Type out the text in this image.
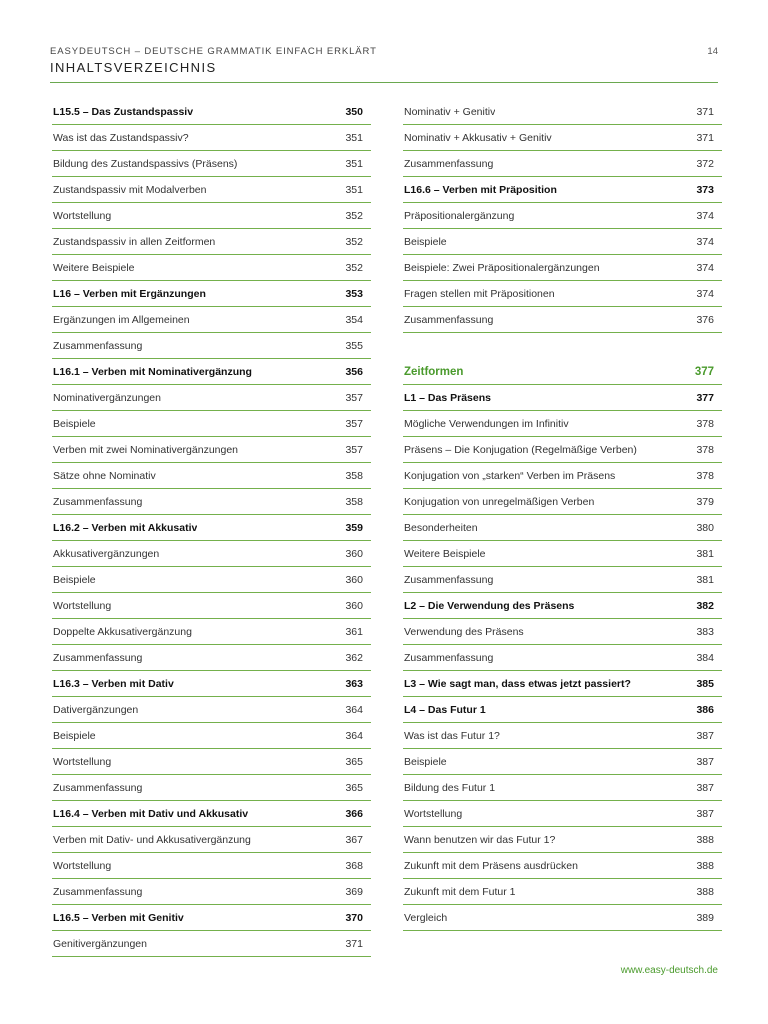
EASYDEUTSCH – DEUTSCHE GRAMMATIK EINFACH ERKLÄRT
INHALTSVERZEICHNIS
14
L15.5 – Das Zustandspassiv	350
Was ist das Zustandspassiv?	351
Bildung des Zustandspassivs (Präsens)	351
Zustandspassiv mit Modalverben	351
Wortstellung	352
Zustandspassiv in allen Zeitformen	352
Weitere Beispiele	352
L16 – Verben mit Ergänzungen	353
Ergänzungen im Allgemeinen	354
Zusammenfassung	355
L16.1 – Verben mit Nominativergänzung	356
Nominativergänzungen	357
Beispiele	357
Verben mit zwei Nominativergänzungen	357
Sätze ohne Nominativ	358
Zusammenfassung	358
L16.2 – Verben mit Akkusativ	359
Akkusativergänzungen	360
Beispiele	360
Wortstellung	360
Doppelte Akkusativergänzung	361
Zusammenfassung	362
L16.3 – Verben mit Dativ	363
Dativergänzungen	364
Beispiele	364
Wortstellung	365
Zusammenfassung	365
L16.4 – Verben mit Dativ und Akkusativ	366
Verben mit Dativ- und Akkusativergänzung	367
Wortstellung	368
Zusammenfassung	369
L16.5 – Verben mit Genitiv	370
Genitivergänzungen	371
Nominativ + Genitiv	371
Nominativ + Akkusativ + Genitiv	371
Zusammenfassung	372
L16.6 – Verben mit Präposition	373
Präpositionalergänzung	374
Beispiele	374
Beispiele: Zwei Präpositionalergänzungen	374
Fragen stellen mit Präpositionen	374
Zusammenfassung	376
Zeitformen	377
L1 – Das Präsens	377
Mögliche Verwendungen im Infinitiv	378
Präsens – Die Konjugation (Regelmäßige Verben)	378
Konjugation von „starken“ Verben im Präsens	378
Konjugation von unregelmäßigen Verben	379
Besonderheiten	380
Weitere Beispiele	381
Zusammenfassung	381
L2 – Die Verwendung des Präsens	382
Verwendung des Präsens	383
Zusammenfassung	384
L3 – Wie sagt man, dass etwas jetzt passiert?	385
L4 – Das Futur 1	386
Was ist das Futur 1?	387
Beispiele	387
Bildung des Futur 1	387
Wortstellung	387
Wann benutzen wir das Futur 1?	388
Zukunft mit dem Präsens ausdrücken	388
Zukunft mit dem Futur 1	388
Vergleich	389
www.easy-deutsch.de
